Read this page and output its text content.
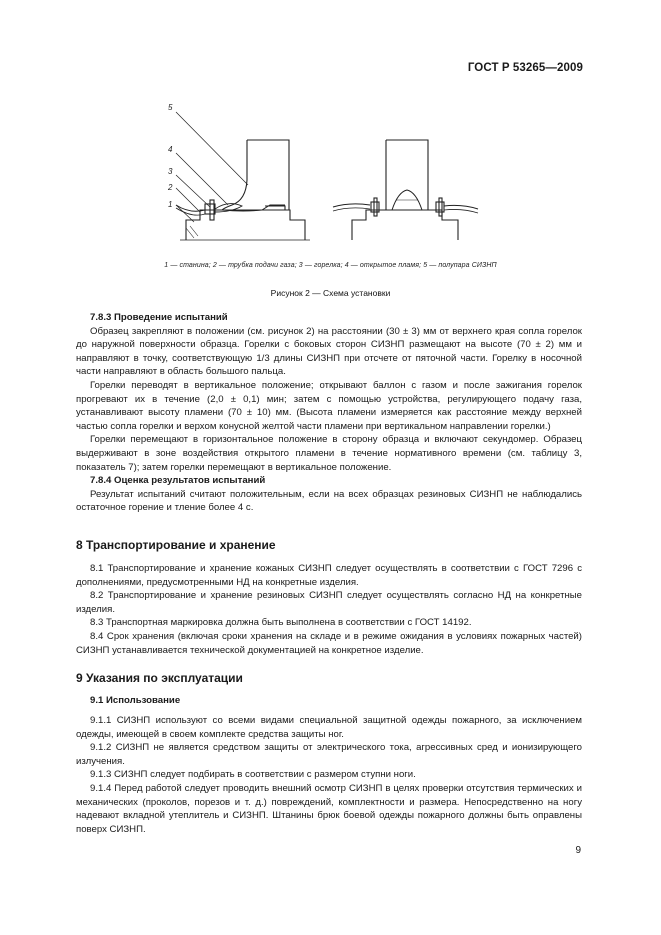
ГОСТ Р 53265—2009
5
4
3
2
1
1 — станина; 2 — трубка подачи газа; 3 — горелка; 4 — открытое пламя; 5 — полупара СИЗНП
Рисунок 2 — Схема установки

7.8.3 Проведение испытаний

Образец закрепляют в положении (см. рисунок 2) на расстоянии (30 ± 3) мм от верхнего края сопла горелок до наружной поверхности образца. Горелки с боковых сторон СИЗНП размещают на высоте (70 ± 2) мм и направляют в точку, соответствующую 1/3 длины СИЗНП при отсчете от пяточной части. Горелку в носочной части направляют в область большого пальца.

Горелки переводят в вертикальное положение; открывают баллон с газом и после зажигания горелок прогревают их в течение (2,0 ± 0,1) мин; затем с помощью устройства, регулирующего подачу газа, устанавливают высоту пламени (70 ± 10) мм. (Высота пламени измеряется как расстояние между верхней частью сопла горелки и верхом конусной желтой части пламени при вертикальном направлении горелки.)

Горелки перемещают в горизонтальное положение в сторону образца и включают секундомер. Образец выдерживают в зоне воздействия открытого пламени в течение нормативного времени (см. таблицу 3, показатель 7); затем горелки перемещают в вертикальное положение.

7.8.4 Оценка результатов испытаний

Результат испытаний считают положительным, если на всех образцах резиновых СИЗНП не наблюдались остаточное горение и тление более 4 с.

8 Транспортирование и хранение

8.1 Транспортирование и хранение кожаных СИЗНП следует осуществлять в соответствии с ГОСТ 7296 с дополнениями, предусмотренными НД на конкретные изделия.

8.2 Транспортирование и хранение резиновых СИЗНП следует осуществлять согласно НД на конкретные изделия.

8.3 Транспортная маркировка должна быть выполнена в соответствии с ГОСТ 14192.

8.4 Срок хранения (включая сроки хранения на складе и в режиме ожидания в условиях пожарных частей) СИЗНП устанавливается технической документацией на конкретное изделие.

9 Указания по эксплуатации

9.1 Использование

9.1.1 СИЗНП используют со всеми видами специальной защитной одежды пожарного, за исключением одежды, имеющей в своем комплекте средства защиты ног.

9.1.2 СИЗНП не является средством защиты от электрического тока, агрессивных сред и ионизирующего излучения.

9.1.3 СИЗНП следует подбирать в соответствии с размером ступни ноги.

9.1.4 Перед работой следует проводить внешний осмотр СИЗНП в целях проверки отсутствия термических и механических (проколов, порезов и т. д.) повреждений, комплектности и размера. Непосредственно на ногу надевают вкладной утеплитель и СИЗНП. Штанины брюк боевой одежды пожарного должны быть оправлены поверх СИЗНП.

9
